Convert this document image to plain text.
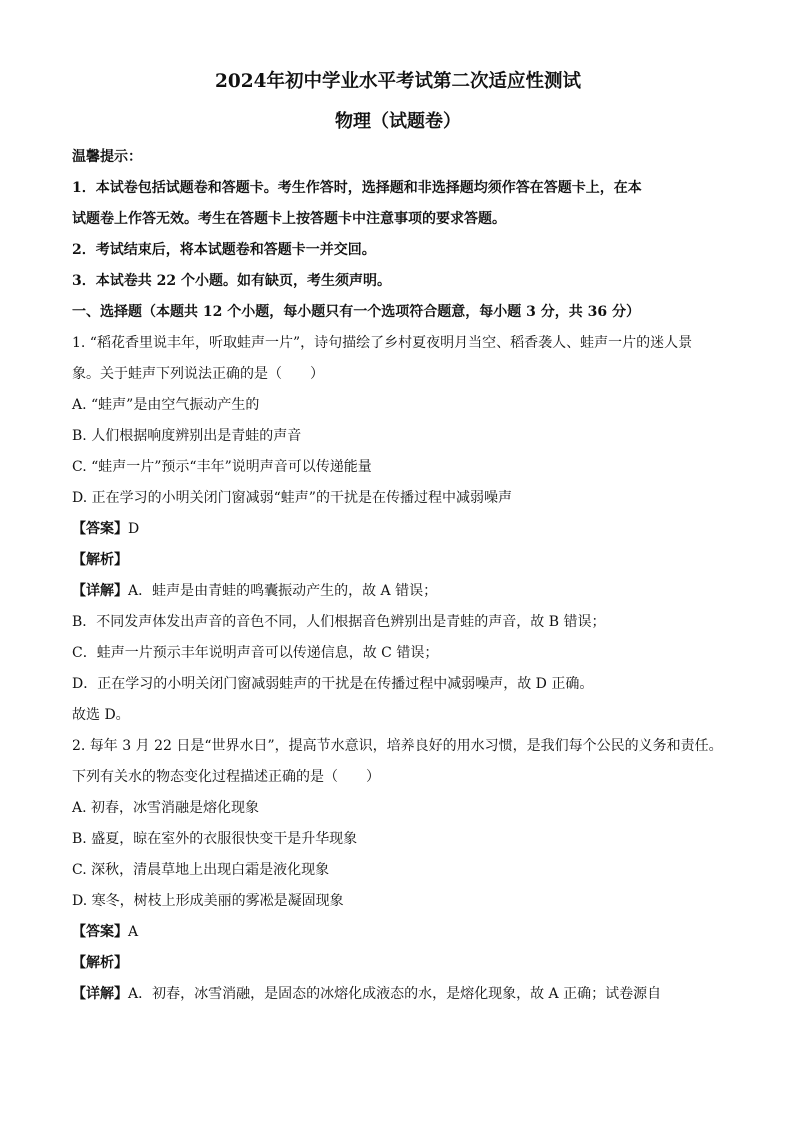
2024年初中学业水平考试第二次适应性测试
物理（试题卷）

温馨提示：

1．本试卷包括试题卷和答题卡。考生作答时，选择题和非选择题均须作答在答题卡上，在本

试题卷上作答无效。考生在答题卡上按答题卡中注意事项的要求答题。

2．考试结束后，将本试题卷和答题卡一并交回。

3．本试卷共 22 个小题。如有缺页，考生须声明。

一、选择题（本题共 12 个小题，每小题只有一个选项符合题意，每小题 3 分，共 36 分）

1. “稻花香里说丰年，听取蛙声一片”，诗句描绘了乡村夏夜明月当空、稻香袭人、蛙声一片的迷人景

象。关于蛙声下列说法正确的是（　　）

A. “蛙声”是由空气振动产生的

B. 人们根据响度辨别出是青蛙的声音

C. “蛙声一片”预示“丰年”说明声音可以传递能量

D. 正在学习的小明关闭门窗减弱“蛙声”的干扰是在传播过程中减弱噪声

【答案】D

【解析】

【详解】A．蛙声是由青蛙的鸣囊振动产生的，故 A 错误；

B．不同发声体发出声音的音色不同，人们根据音色辨别出是青蛙的声音，故 B 错误；

C．蛙声一片预示丰年说明声音可以传递信息，故 C 错误；

D．正在学习的小明关闭门窗减弱蛙声的干扰是在传播过程中减弱噪声，故 D 正确。

故选 D。

2. 每年 3 月 22 日是“世界水日”，提高节水意识，培养良好的用水习惯，是我们每个公民的义务和责任。

下列有关水的物态变化过程描述正确的是（　　）

A. 初春，冰雪消融是熔化现象

B. 盛夏，晾在室外的衣服很快变干是升华现象

C. 深秋，清晨草地上出现白霜是液化现象

D. 寒冬，树枝上形成美丽的雾凇是凝固现象

【答案】A

【解析】

【详解】A．初春，冰雪消融，是固态的冰熔化成液态的水，是熔化现象，故 A 正确；试卷源自
